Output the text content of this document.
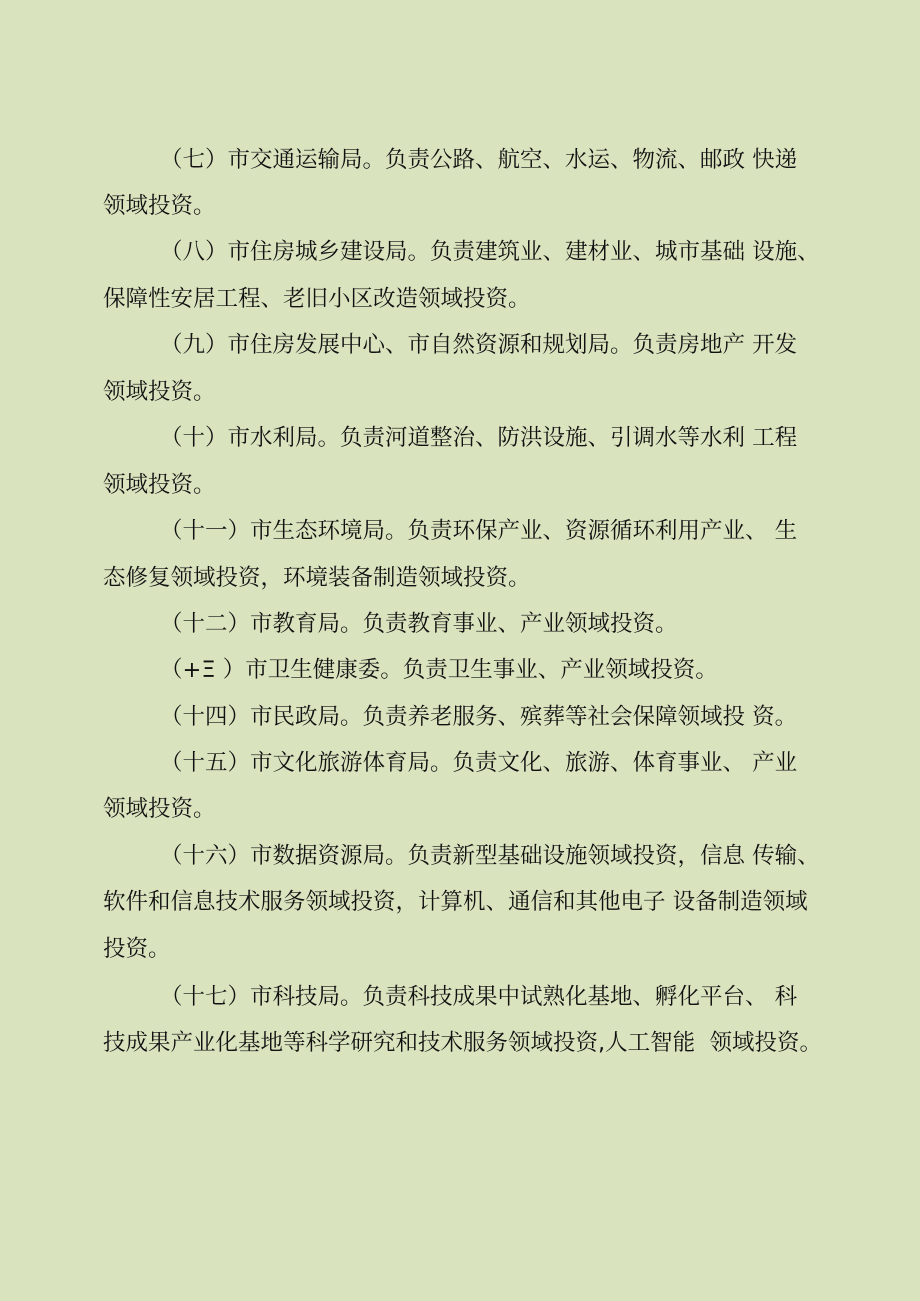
（七）市交通运输局。负责公路、航空、水运、物流、邮政 快递

领域投资。

（八）市住房城乡建设局。负责建筑业、建材业、城市基础 设施、

保障性安居工程、老旧小区改造领域投资。

（九）市住房发展中心、市自然资源和规划局。负责房地产 开发

领域投资。

（十）市水利局。负责河道整治、防洪设施、引调水等水利 工程

领域投资。

（十一）市生态环境局。负责环保产业、资源循环利用产业、 生

态修复领域投资，环境装备制造领域投资。

（十二）市教育局。负责教育事业、产业领域投资。

（+Ξ ）市卫生健康委。负责卫生事业、产业领域投资。

（十四）市民政局。负责养老服务、殡葬等社会保障领域投 资。

（十五）市文化旅游体育局。负责文化、旅游、体育事业、 产业

领域投资。

（十六）市数据资源局。负责新型基础设施领域投资，信息 传输、

软件和信息技术服务领域投资，计算机、通信和其他电子 设备制造领域

投资。

（十七）市科技局。负责科技成果中试熟化基地、孵化平台、 科

技成果产业化基地等科学研究和技术服务领域投资,人工智能  领域投资。
